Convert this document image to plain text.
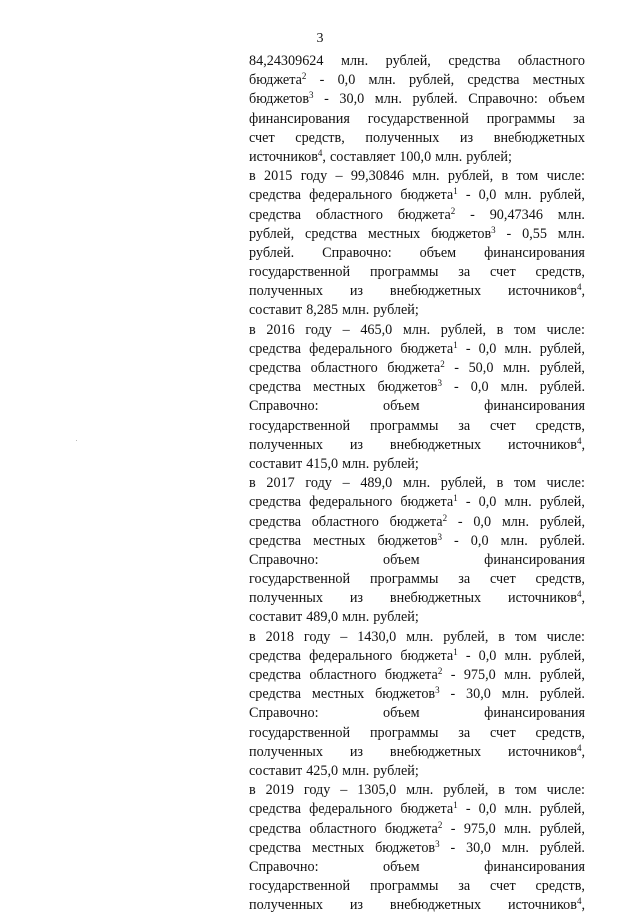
3
84,24309624 млн. рублей, средства областного
бюджета$^2$ - 0,0 млн. рублей, средства местных
бюджетов$^3$ - 30,0 млн. рублей. Справочно: объем
финансирования государственной программы за
счет средств, полученных из внебюджетных
источников$^4$, составляет 100,0 млн. рублей;
в 2015 году – 99,30846 млн. рублей, в том числе:
средства федерального бюджета$^1$ - 0,0 млн. рублей,
средства областного бюджета$^2$ - 90,47346 млн.
рублей, средства местных бюджетов$^3$ - 0,55 млн.
рублей. Справочно: объем финансирования
государственной программы за счет средств,
полученных из внебюджетных источников$^4$,
составит 8,285 млн. рублей;
в 2016 году – 465,0 млн. рублей, в том числе:
средства федерального бюджета$^1$ - 0,0 млн. рублей,
средства областного бюджета$^2$ - 50,0 млн. рублей,
средства местных бюджетов$^3$ - 0,0 млн. рублей.
Справочно:	объем	финансирования
государственной программы за счет средств,
полученных из внебюджетных источников$^4$,
составит 415,0 млн. рублей;
в 2017 году – 489,0 млн. рублей, в том числе:
средства федерального бюджета$^1$ - 0,0 млн. рублей,
средства областного бюджета$^2$ - 0,0 млн. рублей,
средства местных бюджетов$^3$ - 0,0 млн. рублей.
Справочно:	объем	финансирования
государственной программы за счет средств,
полученных из внебюджетных источников$^4$,
составит 489,0 млн. рублей;
в 2018 году – 1430,0 млн. рублей, в том числе:
средства федерального бюджета$^1$ - 0,0 млн. рублей,
средства областного бюджета$^2$ - 975,0 млн. рублей,
средства местных бюджетов$^3$ - 30,0 млн. рублей.
Справочно:	объем	финансирования
государственной программы за счет средств,
полученных из внебюджетных источников$^4$,
составит 425,0 млн. рублей;
в 2019 году – 1305,0 млн. рублей, в том числе:
средства федерального бюджета$^1$ - 0,0 млн. рублей,
средства областного бюджета$^2$ - 975,0 млн. рублей,
средства местных бюджетов$^3$ - 30,0 млн. рублей.
Справочно:	объем	финансирования
государственной программы за счет средств,
полученных из внебюджетных источников$^4$,
